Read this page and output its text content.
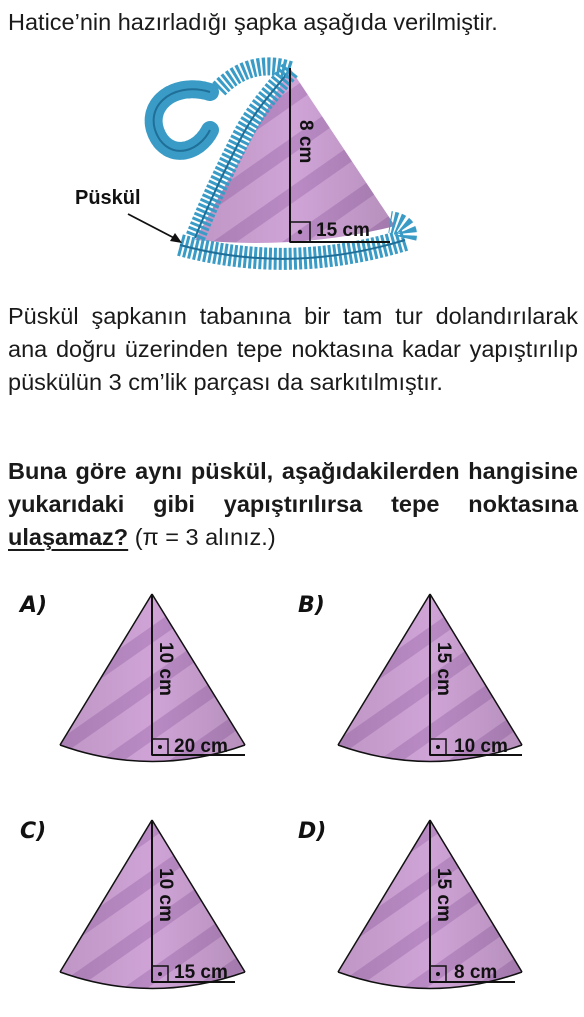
Hatice’nin hazırladığı şapka aşağıda verilmiştir.
8 cm
15 cm
Püskül
A)
10 cm
20 cm
B)
15 cm
10 cm
C)
10 cm
15 cm
D)
15 cm
8 cm

Püskül şapkanın tabanına bir tam tur dolandırılarak ana doğru üzerinden tepe noktasına kadar yapıştırılıp püskülün 3 cm’lik parçası da sarkıtılmıştır.

Buna göre aynı püskül, aşağıdakilerden hangisine yukarıdaki gibi yapıştırılırsa tepe noktasına ulaşamaz? (π = 3 alınız.)
